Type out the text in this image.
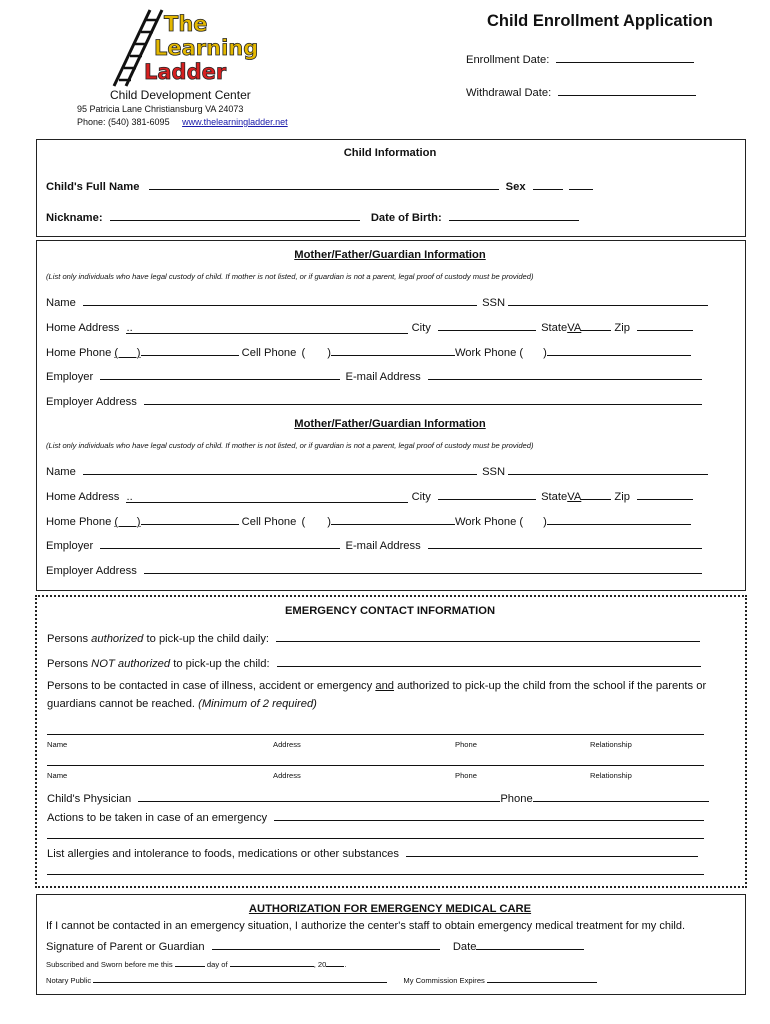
The
Learning
Ladder
Child Development Center
95 Patricia Lane Christiansburg VA 24073
Phone: (540) 381-6095 www.thelearningladder.net
Child Enrollment Application
Enrollment Date:
Withdrawal Date:
Child Information
Child's Full Name	Sex
Nickname:	Date of Birth:
Mother/Father/Guardian Information
(List only individuals who have legal custody of child. If mother is not listed, or if guardian is not a parent, legal proof of custody must be provided)
Name	SSN
Home Address ..	City	StateVA	Zip
Home Phone (      )	Cell Phone ( )	Work Phone ( )
Employer	E-mail Address
Employer Address
Mother/Father/Guardian Information
(List only individuals who have legal custody of child. If mother is not listed, or if guardian is not a parent, legal proof of custody must be provided)
Name	SSN
Home Address ..	City	StateVA	Zip
Home Phone (      )	Cell Phone ( )	Work Phone ( )
Employer	E-mail Address
Employer Address
EMERGENCY CONTACT INFORMATION
Persons authorized to pick-up the child daily:
Persons NOT authorized to pick-up the child:
Persons to be contacted in case of illness, accident or emergency and authorized to pick-up the child from the school if the parents or
guardians cannot be reached. (Minimum of 2 required)
Name	Address	Phone	Relationship
Name	Address	Phone	Relationship
Child's Physician	Phone
Actions to be taken in case of an emergency
List allergies and intolerance to foods, medications or other substances
AUTHORIZATION FOR EMERGENCY MEDICAL CARE
If I cannot be contacted in an emergency situation, I authorize the center's staff to obtain emergency medical treatment for my child.
Signature of Parent or Guardian	Date
Subscribed and Sworn before me this	day of	, 20 .
Notary Public	My Commission Expires
